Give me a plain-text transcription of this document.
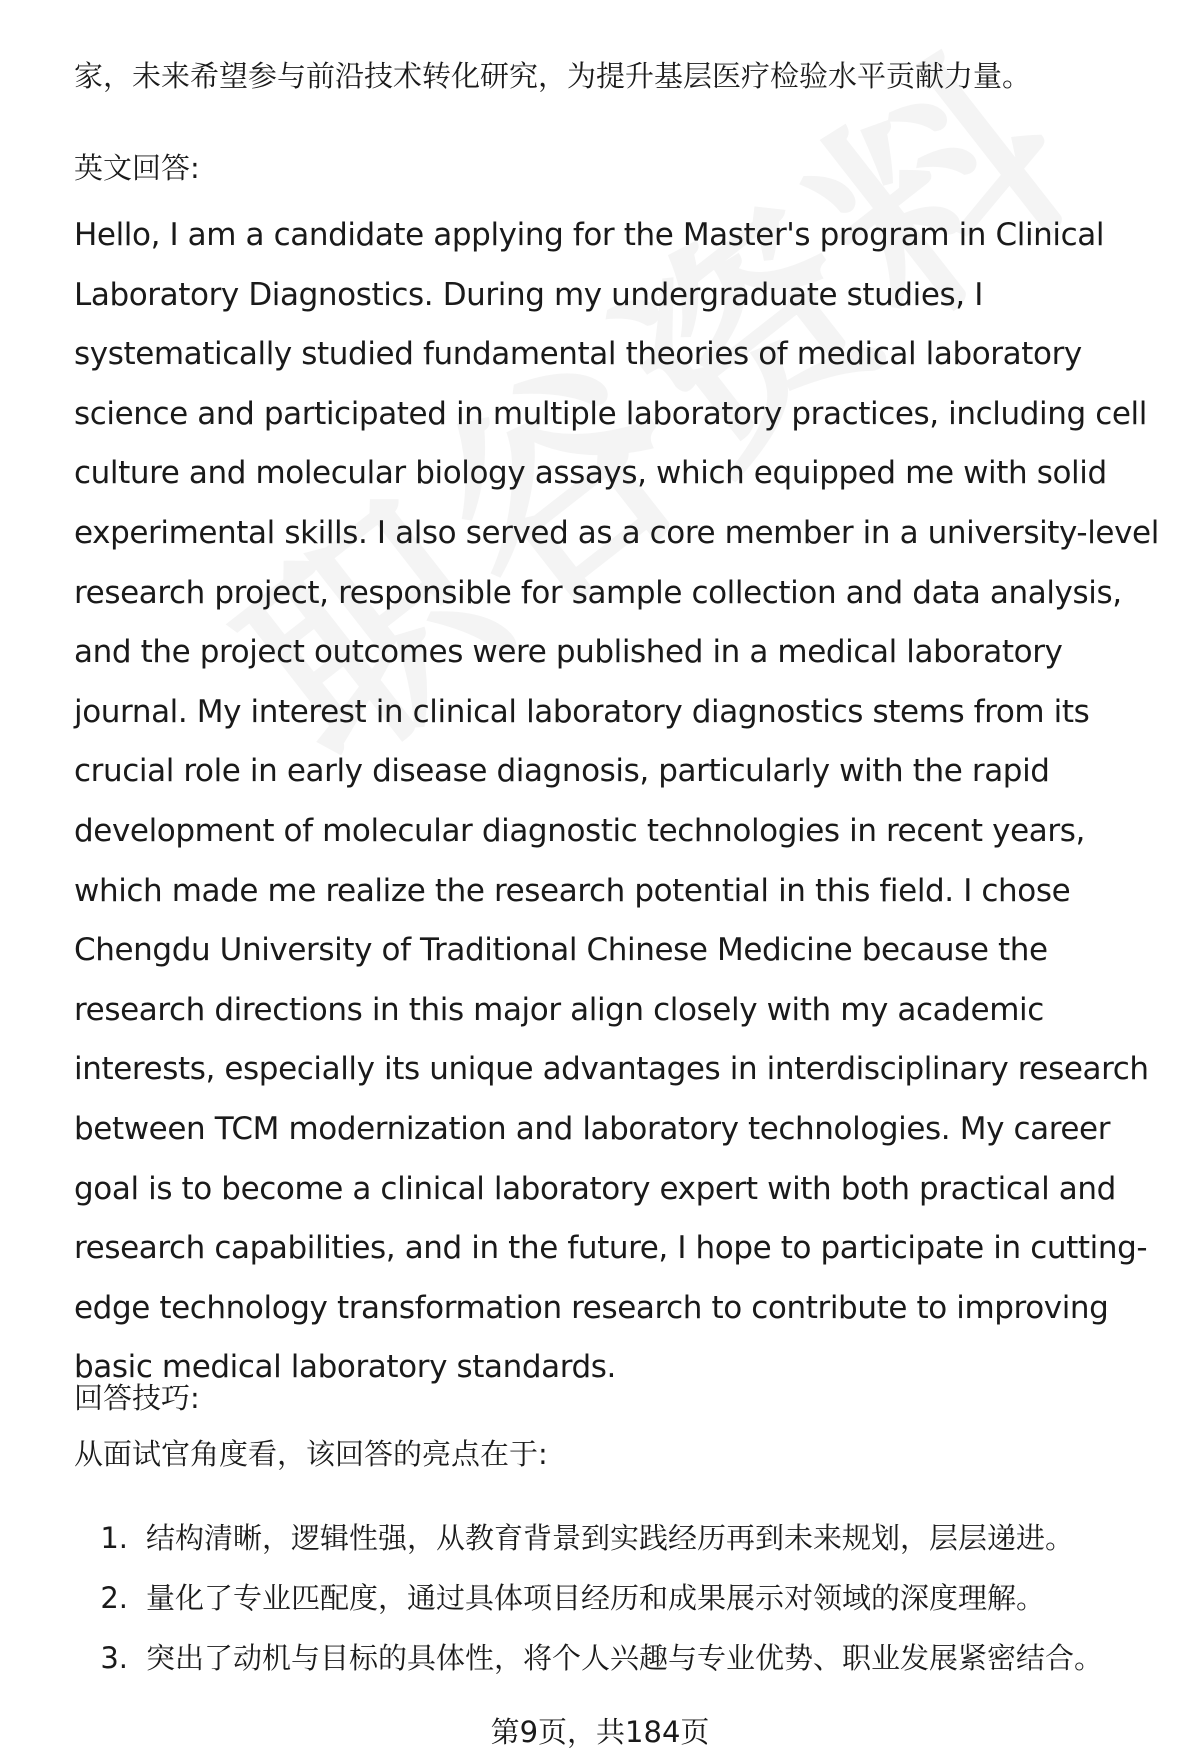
家，未来希望参与前沿技术转化研究，为提升基层医疗检验水平贡献力量。

英文回答:

Hello, I am a candidate applying for the Master's program in Clinical Laboratory Diagnostics. During my undergraduate studies, I systematically studied fundamental theories of medical laboratory science and participated in multiple laboratory practices, including cell culture and molecular biology assays, which equipped me with solid experimental skills. I also served as a core member in a university-level research project, responsible for sample collection and data analysis, and the project outcomes were published in a medical laboratory journal. My interest in clinical laboratory diagnostics stems from its crucial role in early disease diagnosis, particularly with the rapid development of molecular diagnostic technologies in recent years, which made me realize the research potential in this field. I chose Chengdu University of Traditional Chinese Medicine because the research directions in this major align closely with my academic interests, especially its unique advantages in interdisciplinary research between TCM modernization and laboratory technologies. My career goal is to become a clinical laboratory expert with both practical and research capabilities, and in the future, I hope to participate in cutting-edge technology transformation research to contribute to improving basic medical laboratory standards.

回答技巧:

从面试官角度看，该回答的亮点在于:

1. 结构清晰，逻辑性强，从教育背景到实践经历再到未来规划，层层递进。
2. 量化了专业匹配度，通过具体项目经历和成果展示对领域的深度理解。
3. 突出了动机与目标的具体性，将个人兴趣与专业优势、职业发展紧密结合。
第9页，共184页
